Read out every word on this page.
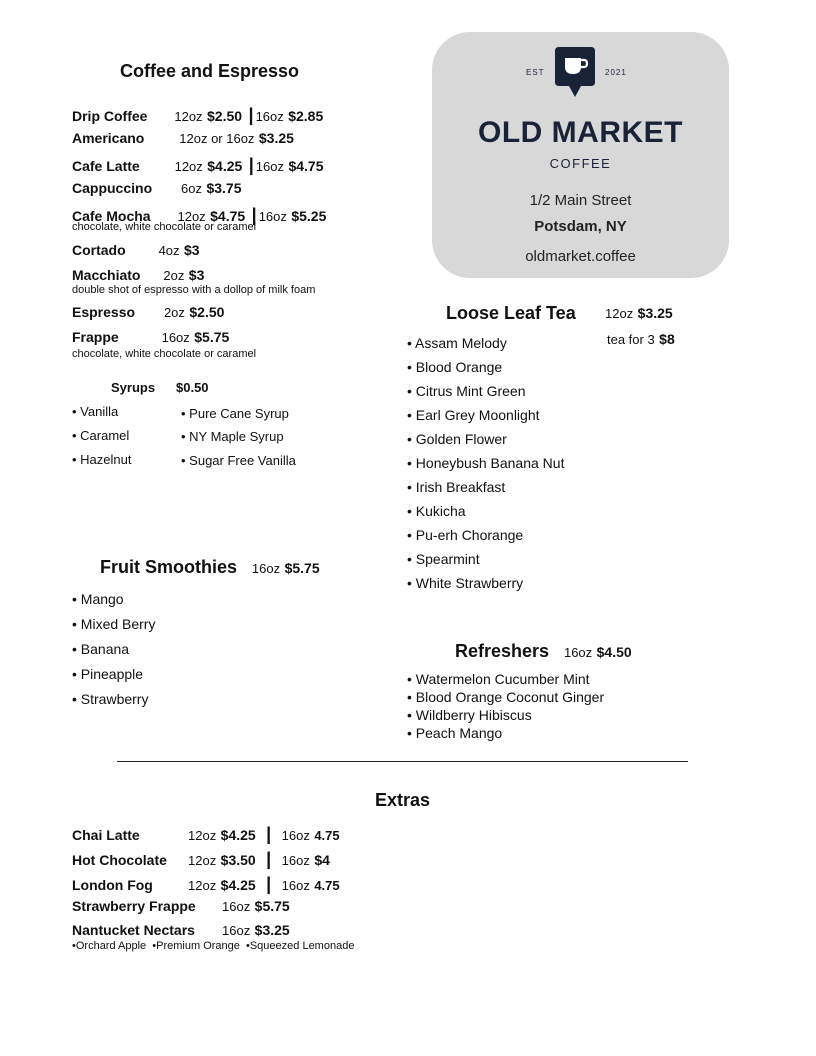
Coffee and Espresso
Drip Coffee 12oz $2.50 | 16oz $2.85
Americano	12oz or 16oz $3.25
Cafe Latte	12oz $4.25 | 16oz $4.75
Cappuccino 6oz $3.75
Cafe Mocha 12oz $4.75 | 16oz $5.25
chocolate, white chocolate or caramel
Cortado	4oz $3
Macchiato 2oz $3
double shot of espresso with a dollop of milk foam
Espresso 2oz $2.50
Frappe	16oz $5.75
chocolate, white chocolate or caramel
Syrups $0.50
• Vanilla
• Caramel
• Hazelnut
• Pure Cane Syrup
• NY Maple Syrup
• Sugar Free Vanilla
EST	2021
OLD MARKET
COFFEE
1/2 Main Street
Potsdam, NY
oldmarket.coffee
Loose Leaf Tea 12oz $3.25
tea for 3 $8
• Assam Melody
• Blood Orange
• Citrus Mint Green
• Earl Grey Moonlight
• Golden Flower
• Honeybush Banana Nut
• Irish Breakfast
• Kukicha
• Pu-erh Chorange
• Spearmint
• White Strawberry
Fruit Smoothies 16oz $5.75
• Mango
• Mixed Berry
• Banana
• Pineapple
• Strawberry
Refreshers 16oz $4.50
• Watermelon Cucumber Mint
• Blood Orange Coconut Ginger
• Wildberry Hibiscus
• Peach Mango
Extras
Chai Latte	12oz $4.25 | 16oz 4.75
Hot Chocolate 12oz $3.50 | 16oz $4
London Fog	12oz $4.25 | 16oz 4.75
Strawberry Frappe 16oz $5.75
Nantucket Nectars 16oz $3.25
•Orchard Apple  •Premium Orange  •Squeezed Lemonade
